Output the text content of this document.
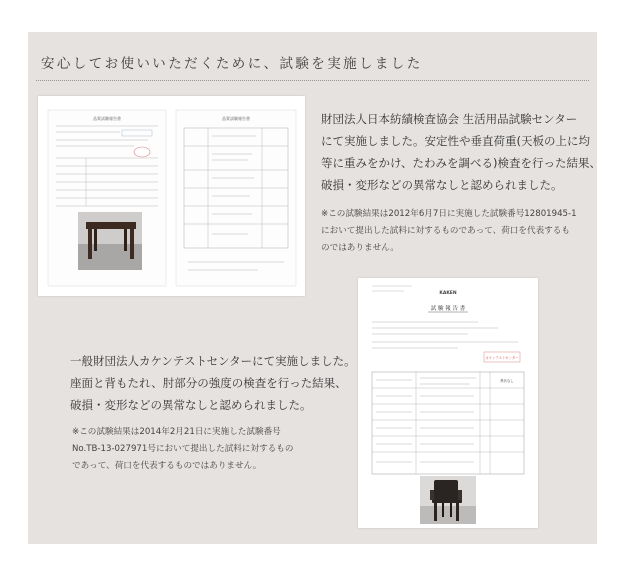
安心してお使いいただくために、試験を実施しました
品質試験報告書	品質試験報告書	財団法人日本紡績検査協会 生活用品試験センター
にて実施しました。安定性や垂直荷重(天板の上に均
等に重みをかけ、たわみを調べる)検査を行った結果、
破損・変形などの異常なしと認められました。
※この試験結果は2012年6月7日に実施した試験番号12801945-1
において提出した試料に対するものであって、荷口を代表するも
のではありません。
一般財団法人カケンテストセンターにて実施しました。
座面と背もたれ、肘部分の強度の検査を行った結果、
破損・変形などの異常なしと認められました。
※この試験結果は2014年2月21日に実施した試験番号
No.TB-13-027971号において提出した試料に対するもの
であって、荷口を代表するものではありません。
KAKEN
試 験 報 告 書
カケンテストセンター
異状なし
